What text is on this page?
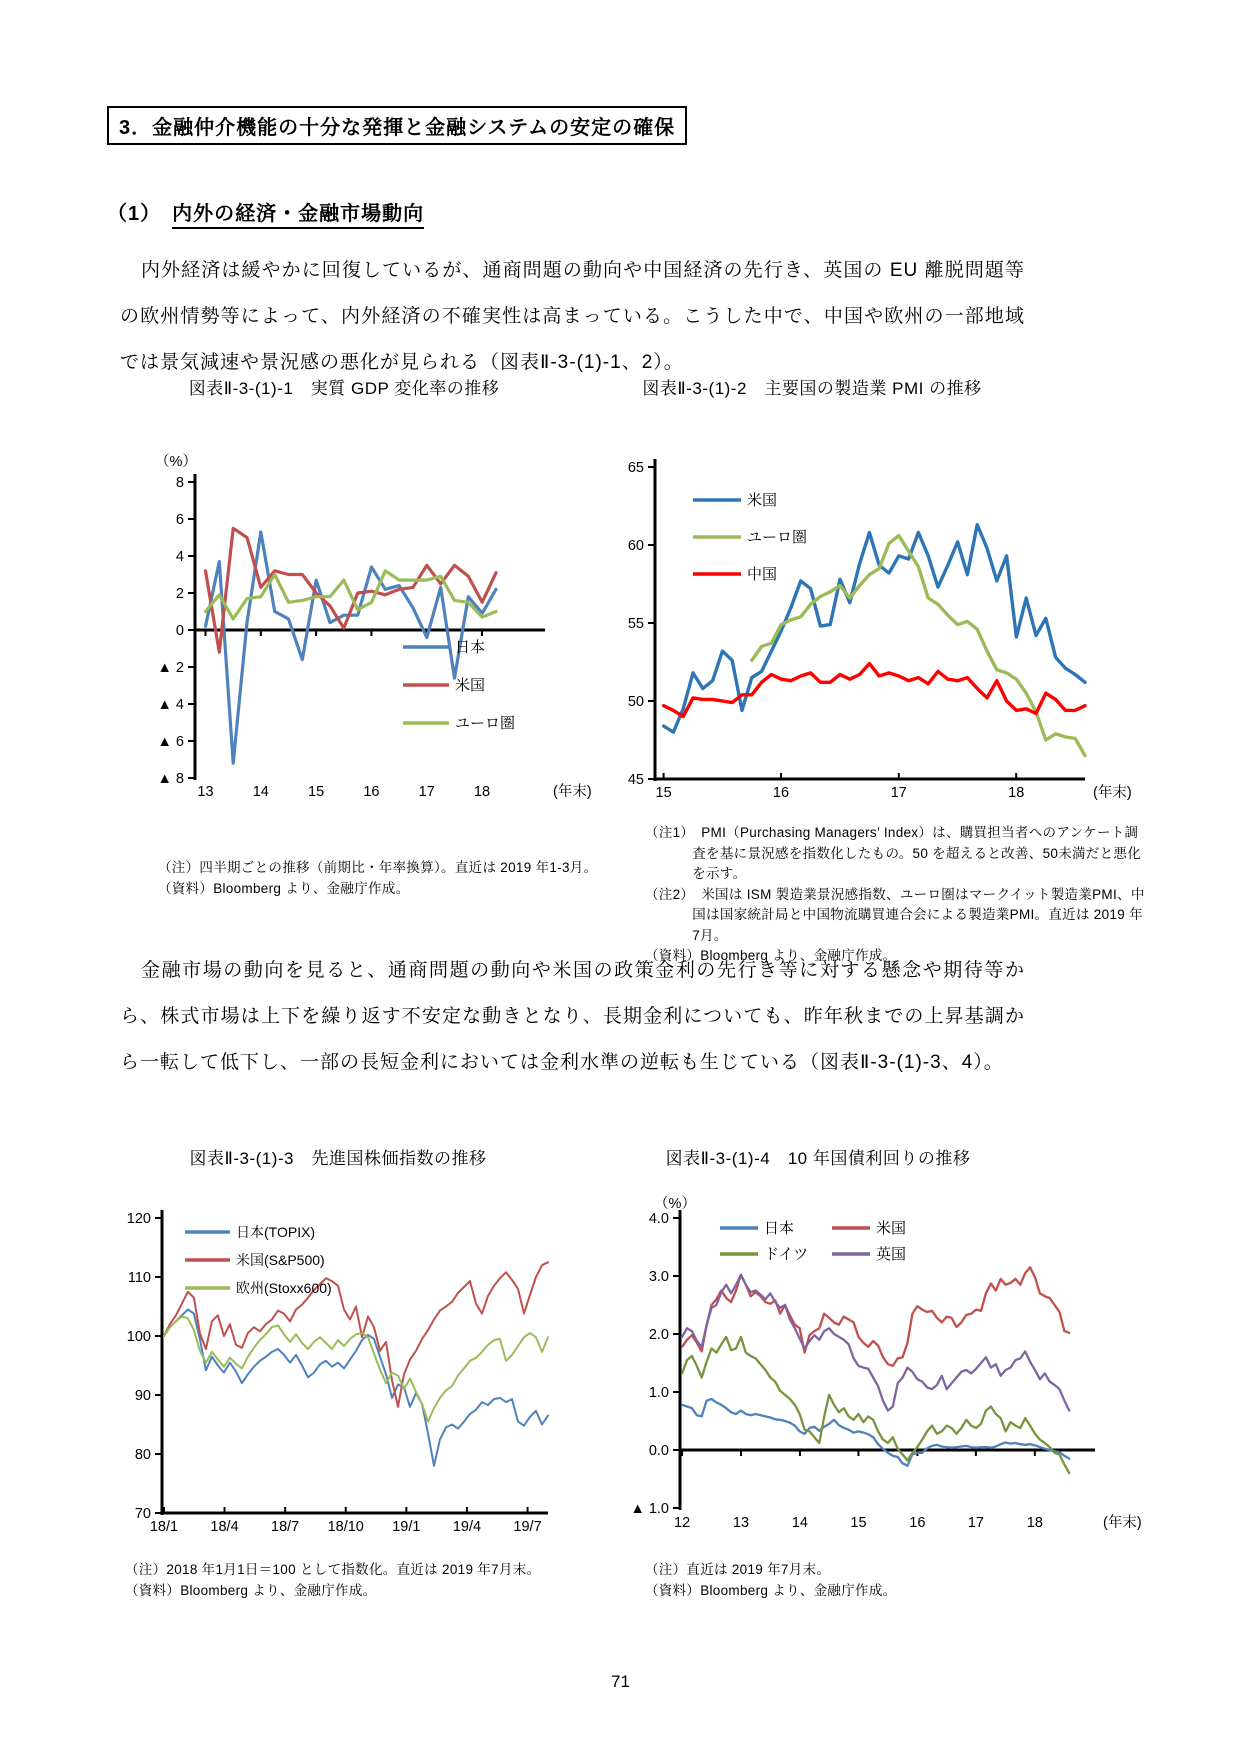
3．金融仲介機能の十分な発揮と金融システムの安定の確保
（1）　 内外の経済・金融市場動向
内外経済は緩やかに回復しているが、通商問題の動向や中国経済の先行き、英国の EU 離脱問題等の欧州情勢等によって、内外経済の不確実性は高まっている。こうした中で、中国や欧州の一部地域では景気減速や景況感の悪化が見られる（図表Ⅱ-3-(1)-1、2）。
図表Ⅱ-3-(1)-1　実質 GDP 変化率の推移	図表Ⅱ-3-(1)-2　主要国の製造業 PMI の推移
8
6
4
2
0
▲ 2
▲ 4
▲ 6
▲ 8
13	14	15	16	17	18	(年末)
（%）
日本
米国
ユーロ圏
65
60
55
50
45
15	16	17	18	(年末)
米国
ユーロ圏
中国
（注）四半期ごとの推移（前期比・年率換算）。直近は 2019 年1-3月。
（資料）Bloomberg より、金融庁作成。
（注1）　PMI（Purchasing Managers’ Index）は、購買担当者へのアンケート調査を基に景況感を指数化したもの。50 を超えると改善、50未満だと悪化を示す。
（注2）　米国は ISM 製造業景況感指数、ユーロ圏はマークイット製造業PMI、中国は国家統計局と中国物流購買連合会による製造業PMI。直近は 2019 年7月。
（資料）Bloomberg より、金融庁作成。
金融市場の動向を見ると、通商問題の動向や米国の政策金利の先行き等に対する懸念や期待等から、株式市場は上下を繰り返す不安定な動きとなり、長期金利についても、昨年秋までの上昇基調から一転して低下し、一部の長短金利においては金利水準の逆転も生じている（図表Ⅱ-3-(1)-3、4）。
図表Ⅱ-3-(1)-3　先進国株価指数の推移	図表Ⅱ-3-(1)-4　10 年国債利回りの推移
120
110
100
90
80
70
18/1 18/4 18/7 18/10 19/1 19/4 19/7
日本(TOPIX)
米国(S&P500)
欧州(Stoxx600)
4.0
3.0
2.0
1.0
0.0
▲ 1.0
12	13	14	15	16	17	18	(年末)
（%）
日本	米国
ドイツ	英国
（注）2018 年1月1日＝100 として指数化。直近は 2019 年7月末。
（資料）Bloomberg より、金融庁作成。
（注）直近は 2019 年7月末。
（資料）Bloomberg より、金融庁作成。
71
